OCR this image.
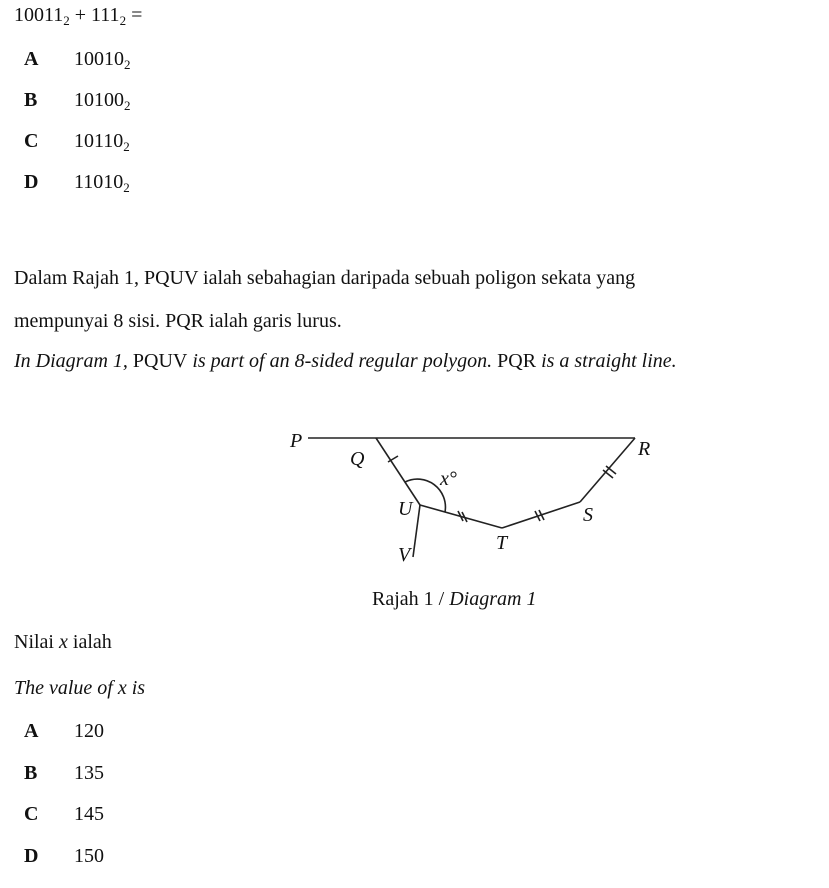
$10011_2 + 111_2$ =
A	$10010_2$
B	$10100_2$
C	$10110_2$
D	$11010_2$
Dalam Rajah 1, PQUV ialah sebahagian daripada sebuah poligon sekata yang
mempunyai 8 sisi. PQR ialah garis lurus.
In Diagram 1, PQUV is part of an 8-sided regular polygon. PQR is a straight line.
P
Q	R
S
T
U
V
x°
Rajah 1 / Diagram 1
Nilai x ialah
The value of x is
A	120
B	135
C	145
D	150
